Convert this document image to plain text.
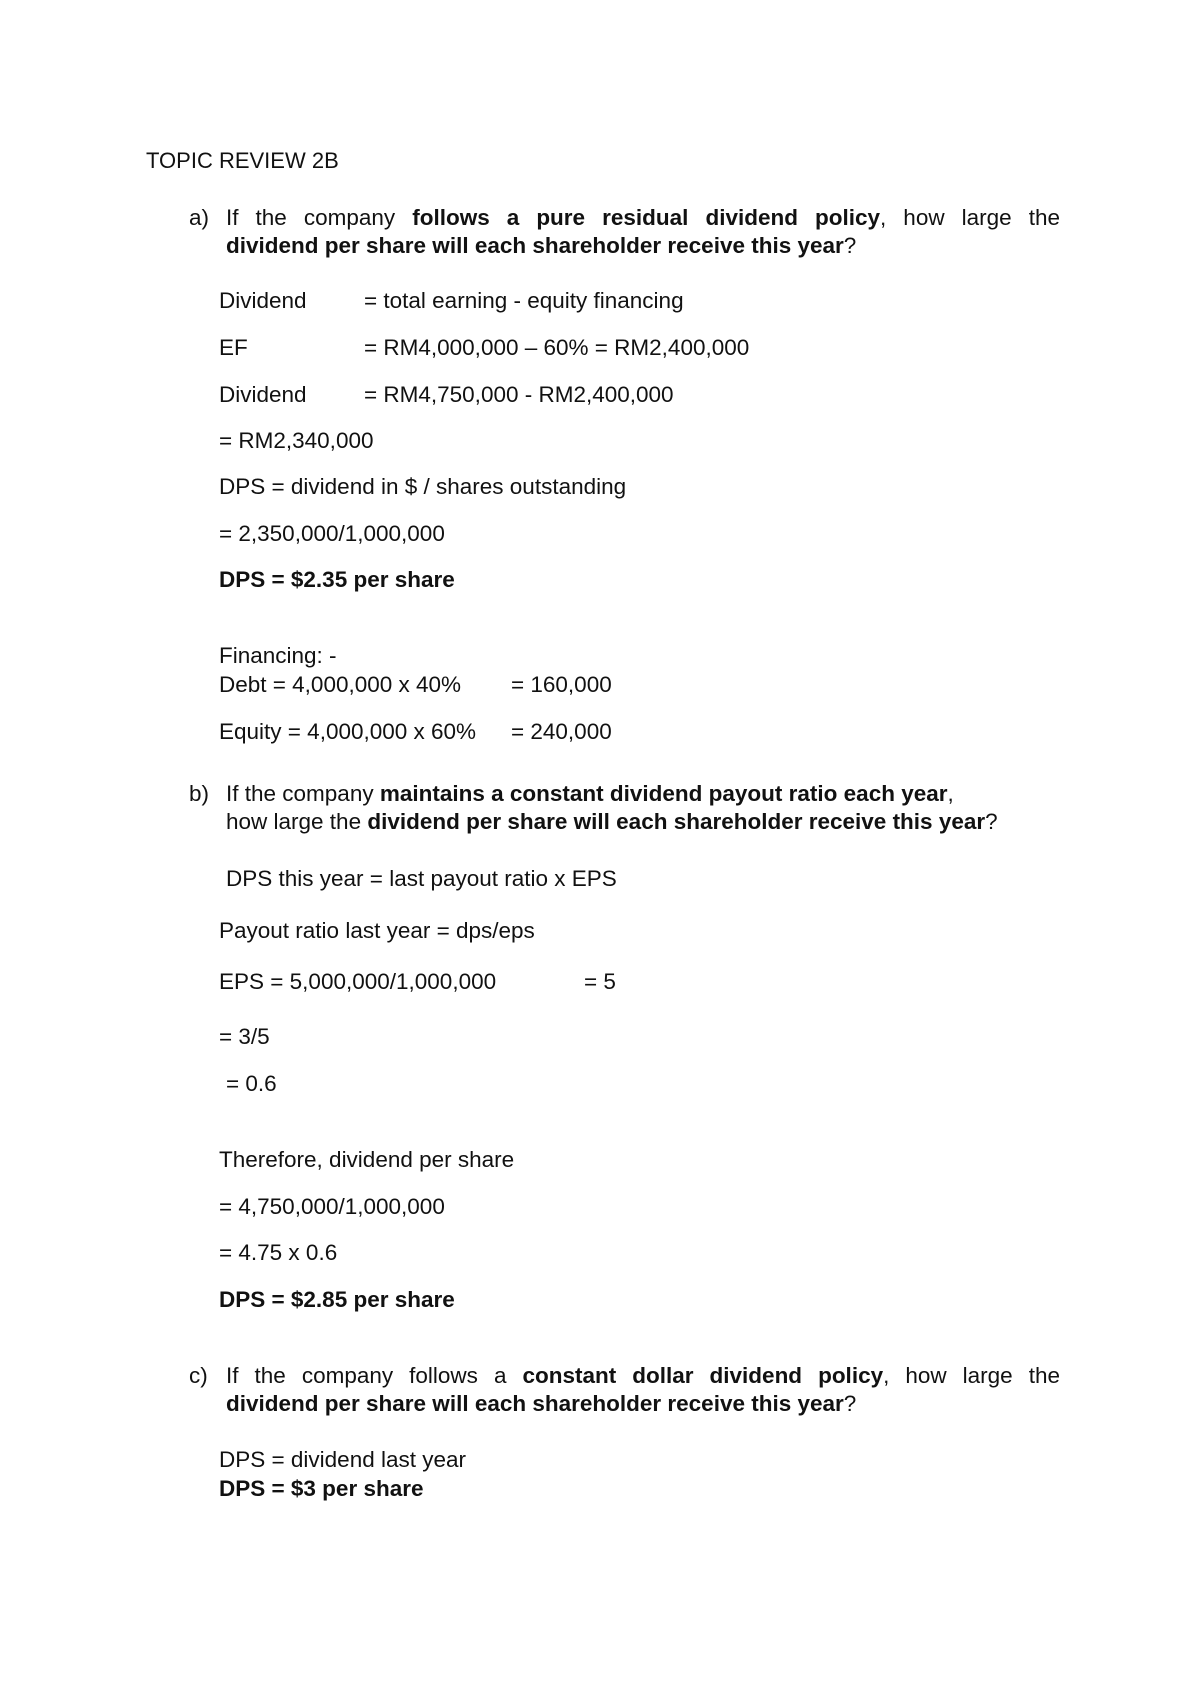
TOPIC REVIEW 2B
a) If the company follows a pure residual dividend policy, how large the
dividend per share will each shareholder receive this year?
Dividend	= total earning - equity financing
EF	= RM4,000,000 – 60% = RM2,400,000
Dividend	= RM4,750,000 - RM2,400,000
= RM2,340,000
DPS = dividend in $ / shares outstanding
= 2,350,000/1,000,000
DPS = $2.35 per share
Financing: -
Debt = 4,000,000 x 40% = 160,000
Equity = 4,000,000 x 60% = 240,000
b) If the company maintains a constant dividend payout ratio each year,
how large the dividend per share will each shareholder receive this year?
DPS this year = last payout ratio x EPS
Payout ratio last year = dps/eps
EPS = 5,000,000/1,000,000	= 5
= 3/5
= 0.6
Therefore, dividend per share
= 4,750,000/1,000,000
= 4.75 x 0.6
DPS = $2.85 per share
c) If the company follows a constant dollar dividend policy, how large the
dividend per share will each shareholder receive this year?
DPS = dividend last year
DPS = $3 per share
